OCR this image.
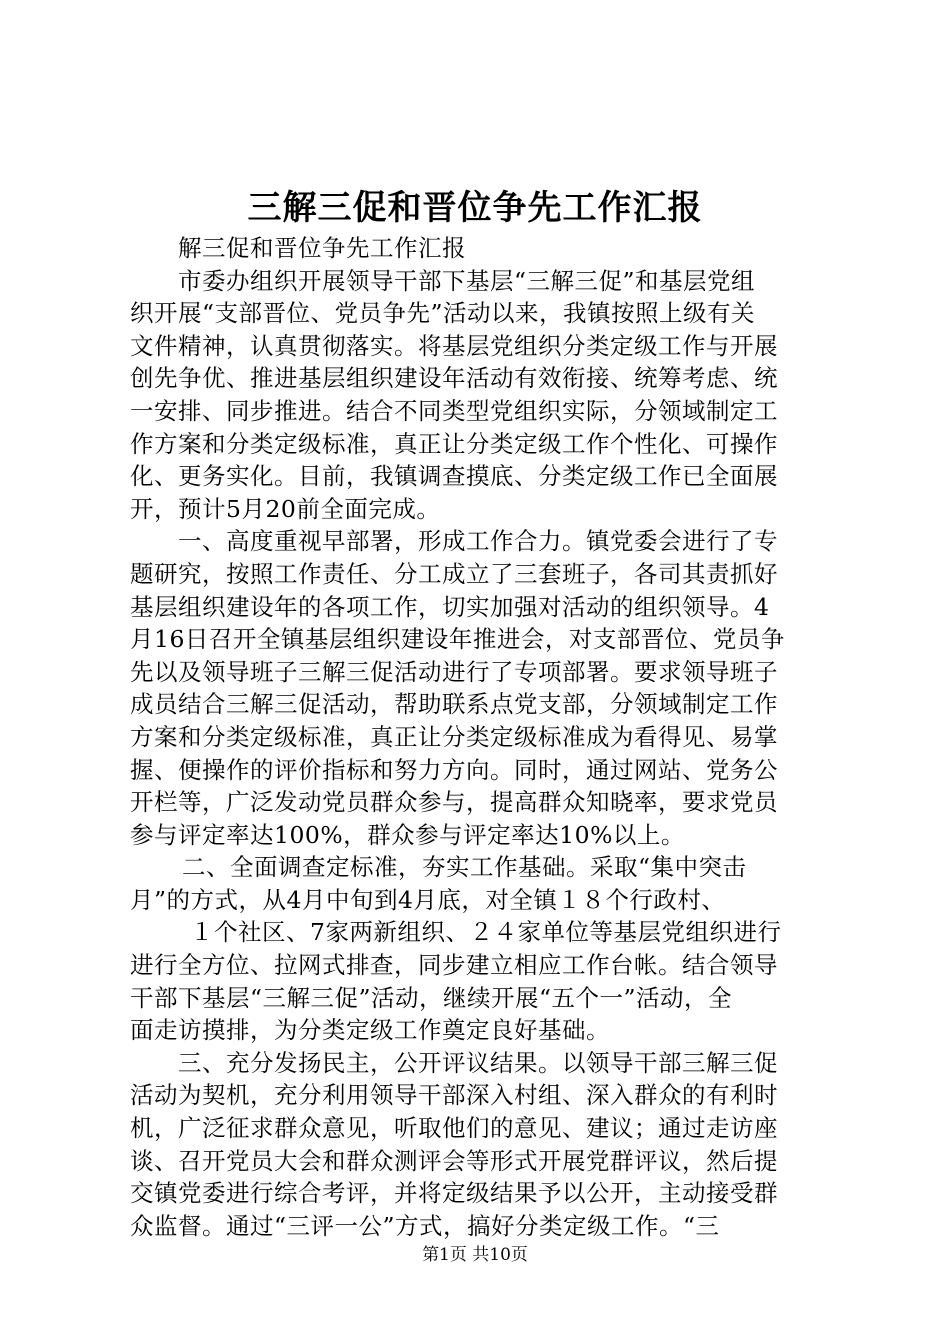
三解三促和晋位争先工作汇报
解三促和晋位争先工作汇报
市委办组织开展领导干部下基层“三解三促”和基层党组
织开展“支部晋位、党员争先”活动以来，我镇按照上级有关
文件精神，认真贯彻落实。将基层党组织分类定级工作与开展
创先争优、推进基层组织建设年活动有效衔接、统筹考虑、统
一安排、同步推进。结合不同类型党组织实际，分领域制定工
作方案和分类定级标准，真正让分类定级工作个性化、可操作
化、更务实化。目前，我镇调查摸底、分类定级工作已全面展
开，预计5月20前全面完成。
一、高度重视早部署，形成工作合力。镇党委会进行了专
题研究，按照工作责任、分工成立了三套班子，各司其责抓好
基层组织建设年的各项工作，切实加强对活动的组织领导。4
月16日召开全镇基层组织建设年推进会，对支部晋位、党员争
先以及领导班子三解三促活动进行了专项部署。要求领导班子
成员结合三解三促活动，帮助联系点党支部，分领域制定工作
方案和分类定级标准，真正让分类定级标准成为看得见、易掌
握、便操作的评价指标和努力方向。同时，通过网站、党务公
开栏等，广泛发动党员群众参与，提高群众知晓率，要求党员
参与评定率达100%，群众参与评定率达10%以上。
二、全面调查定标准，夯实工作基础。采取“集中突击
月”的方式，从4月中旬到4月底，对全镇１８个行政村、
１个社区、7家两新组织、２４家单位等基层党组织进行
进行全方位、拉网式排查，同步建立相应工作台帐。结合领导
干部下基层“三解三促”活动，继续开展“五个一”活动，全
面走访摸排，为分类定级工作奠定良好基础。
三、充分发扬民主，公开评议结果。以领导干部三解三促
活动为契机，充分利用领导干部深入村组、深入群众的有利时
机，广泛征求群众意见，听取他们的意见、建议；通过走访座
谈、召开党员大会和群众测评会等形式开展党群评议，然后提
交镇党委进行综合考评，并将定级结果予以公开，主动接受群
众监督。通过“三评一公”方式，搞好分类定级工作。“三
第1页 共10页
